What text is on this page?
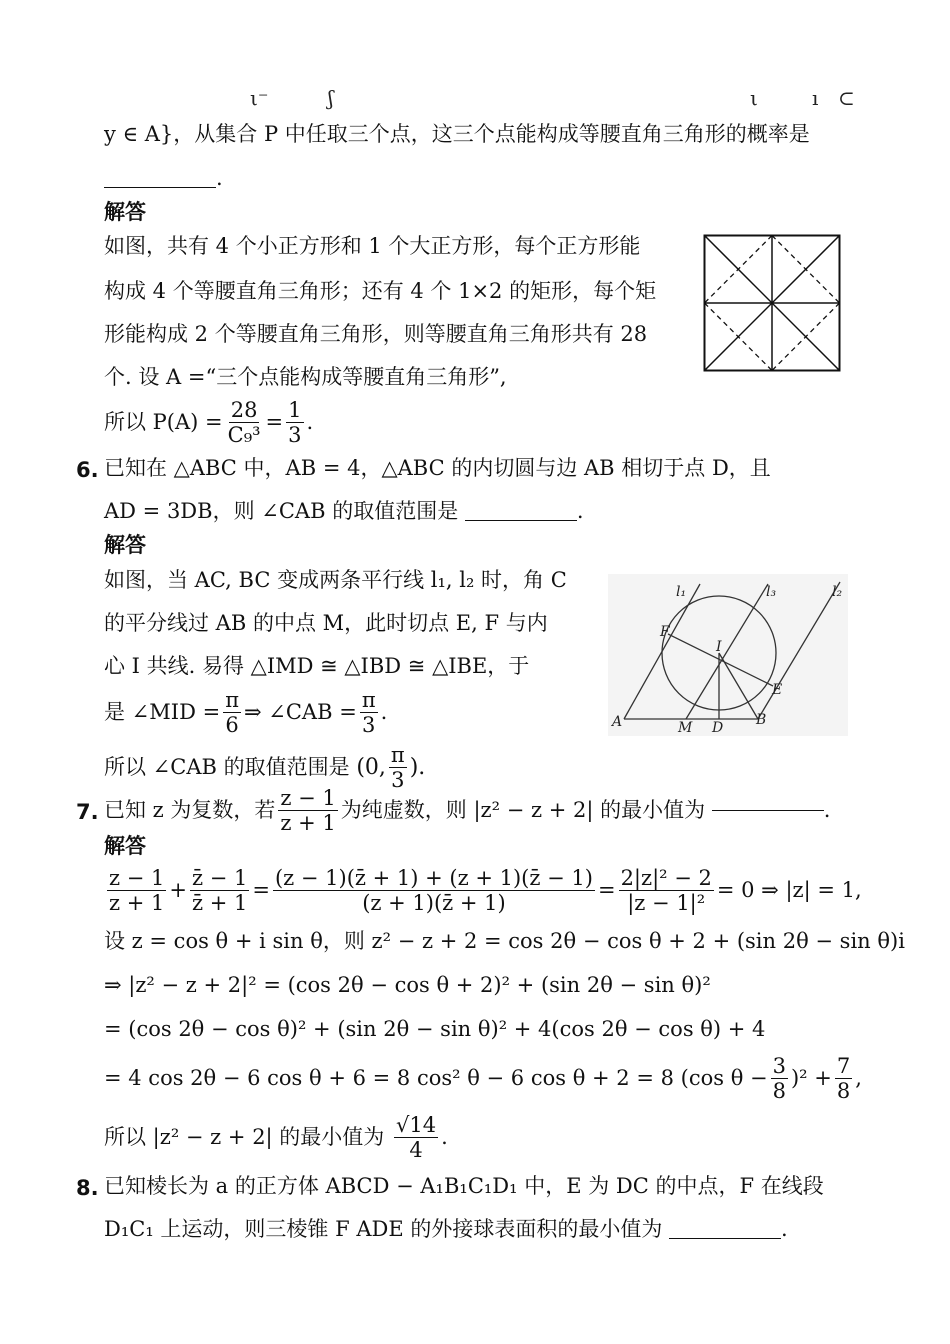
ι⁻	ʃ	ι	ı ⊂
y ∈ A}，从集合 P 中任取三个点，这三个点能构成等腰直角三角形的概率是
.
解答
如图，共有 4 个小正方形和 1 个大正方形，每个正方形能
构成 4 个等腰直角三角形；还有 4 个 1×2 的矩形，每个矩
形能构成 2 个等腰直角三角形，则等腰直角三角形共有 28
个. 设 A =“三个点能构成等腰直角三角形”,
所以 $P(A) = \frac{28}{\text{C₉³}} = \frac{1}{3}$ .
6. 已知在 △ABC 中，AB = 4，△ABC 的内切圆与边 AB 相切于点 D，且
AD = 3DB，则 ∠CAB 的取值范围是	.
解答
如图，当 AC, BC 变成两条平行线 l₁, l₂ 时，角 C
的平分线过 AB 的中点 M，此时切点 E, F 与内
心 I 共线. 易得 △IMD ≅ △IBD ≅ △IBE，于
是 ∠MID = $\frac{\pi}{6}$ ⇒ ∠CAB = $\frac{\pi}{3}$ .
所以 ∠CAB 的取值范围是
(0, $\frac{\pi}{3}$ ).
l₁	l₃	l₂
F
I
E
A	M D B
7. 已知 z 为复数，若 $\frac{z - 1}{z + 1}$ 为纯虚数，则 |z² − z + 2| 的最小值为
	.
解答
$\frac{z - 1}{z + 1} + \frac{z̄ - 1}{z̄ + 1} = \frac{(z - 1)(z̄ + 1) + (z + 1)(z̄ - 1)}{(z + 1)(z̄ + 1)} = \frac{\text{2|z|² − 2}}{\text{|z − 1|²}} = 0$ ⇒ |z| = 1,
设 z = cos θ + i sin θ，则 z² − z + 2 = cos 2θ − cos θ + 2 + (sin 2θ − sin θ)i
⇒ |z² − z + 2|² = (cos 2θ − cos θ + 2)² + (sin 2θ − sin θ)²
= (cos 2θ − cos θ)² + (sin 2θ − sin θ)² + 4(cos 2θ − cos θ) + 4
= 4 cos 2θ − 6 cos θ + 6 = 8 cos² θ − 6 cos θ + 2 = 8
(cos $\theta - \frac{3}{8} )^2$
+ $\frac{7}{8}$ ,
所以 |z² − z + 2| 的最小值为
$\frac{√14}{4}$ .
8. 已知棱长为 a 的正方体 ABCD − A₁B₁C₁D₁ 中，E 为 DC 的中点，F 在线段
D₁C₁ 上运动，则三棱锥 F ADE 的外接球表面积的最小值为	.
